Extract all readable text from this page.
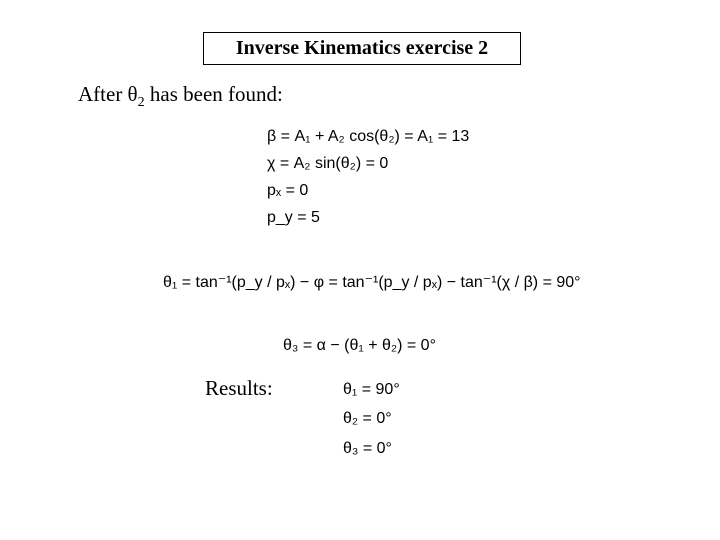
Inverse Kinematics exercise 2
After $\theta_2$ has been found:
β = A₁ + A₂ cos(θ₂) = A₁ = 13
χ = A₂ sin(θ₂) = 0
pₓ = 0
p_y = 5
θ₁ = tan⁻¹(p_y / pₓ) − φ = tan⁻¹(p_y / pₓ) − tan⁻¹(χ / β) = 90°
θ₃ = α − (θ₁ + θ₂) = 0°
Results:	θ₁ = 90°
θ₂ = 0°
θ₃ = 0°
